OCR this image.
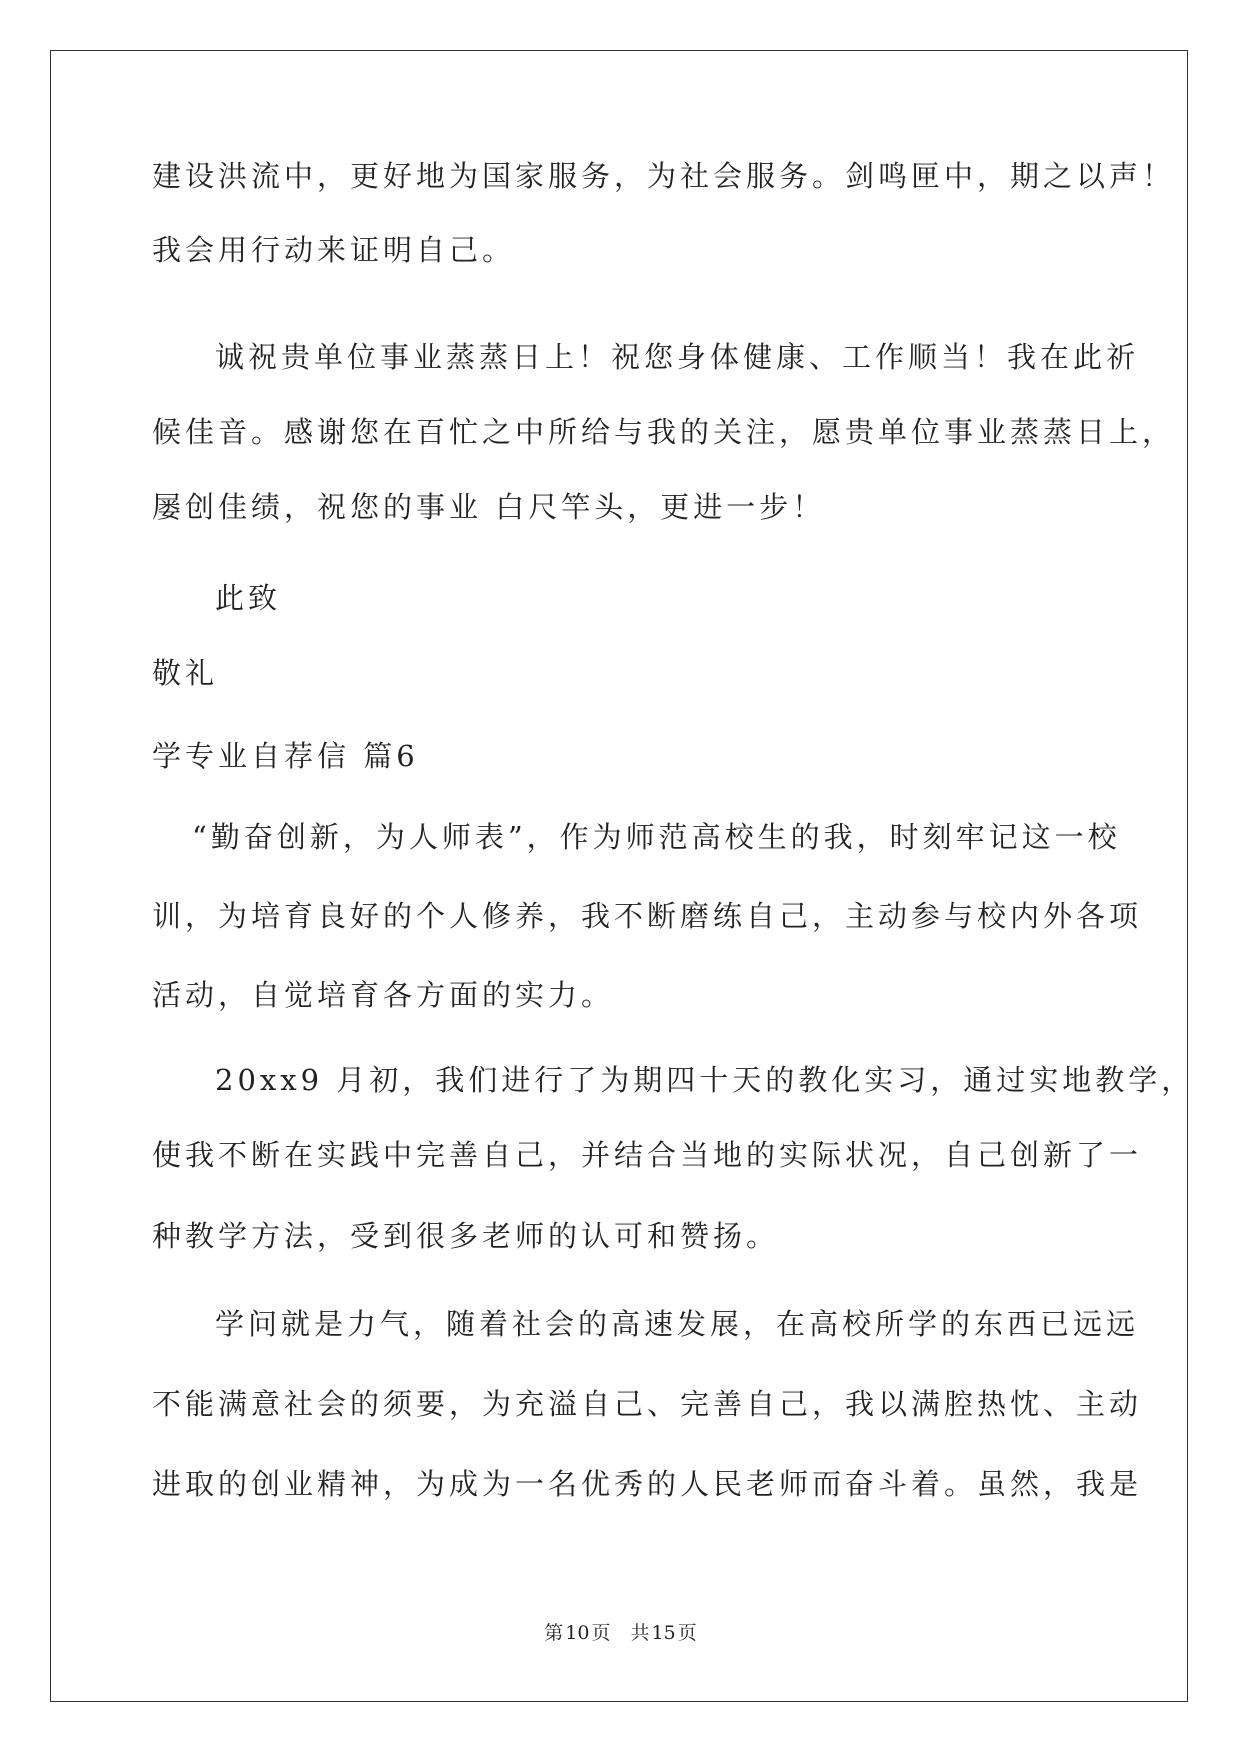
建设洪流中，更好地为国家服务，为社会服务。剑鸣匣中，期之以声！
我会用行动来证明自己。
诚祝贵单位事业蒸蒸日上！祝您身体健康、工作顺当！我在此祈
候佳音。感谢您在百忙之中所给与我的关注，愿贵单位事业蒸蒸日上，
屡创佳绩，祝您的事业 白尺竿头，更进一步！
此致
敬礼
学专业自荐信 篇6
“勤奋创新，为人师表”，作为师范高校生的我，时刻牢记这一校
训，为培育良好的个人修养，我不断磨练自己，主动参与校内外各项
活动，自觉培育各方面的实力。
20xx9 月初，我们进行了为期四十天的教化实习，通过实地教学，
使我不断在实践中完善自己，并结合当地的实际状况，自己创新了一
种教学方法，受到很多老师的认可和赞扬。
学问就是力气，随着社会的高速发展，在高校所学的东西已远远
不能满意社会的须要，为充溢自己、完善自己，我以满腔热忱、主动
进取的创业精神，为成为一名优秀的人民老师而奋斗着。虽然，我是
第 10 页 共 15 页
